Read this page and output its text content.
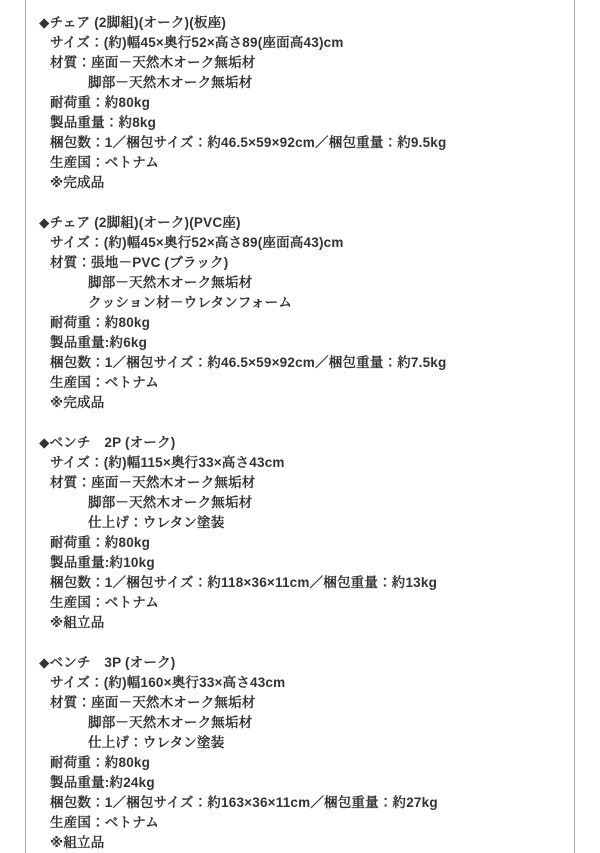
◆チェア (2脚組)(オーク)(板座)
サイズ：(約)幅45×奥行52×高さ89(座面高43)cm
材質：座面－天然木オーク無垢材
脚部－天然木オーク無垢材
耐荷重：約80kg
製品重量：約8kg
梱包数：1／梱包サイズ：約46.5×59×92cm／梱包重量：約9.5kg
生産国：ベトナム
※完成品
◆チェア (2脚組)(オーク)(PVC座)
サイズ：(約)幅45×奥行52×高さ89(座面高43)cm
材質：張地－PVC (ブラック)
脚部－天然木オーク無垢材
クッション材－ウレタンフォーム
耐荷重：約80kg
製品重量:約6kg
梱包数：1／梱包サイズ：約46.5×59×92cm／梱包重量：約7.5kg
生産国：ベトナム
※完成品
◆ベンチ　2P (オーク)
サイズ：(約)幅115×奥行33×高さ43cm
材質：座面－天然木オーク無垢材
脚部－天然木オーク無垢材
仕上げ：ウレタン塗装
耐荷重：約80kg
製品重量:約10kg
梱包数：1／梱包サイズ：約118×36×11cm／梱包重量：約13kg
生産国：ベトナム
※組立品
◆ベンチ　3P (オーク)
サイズ：(約)幅160×奥行33×高さ43cm
材質：座面－天然木オーク無垢材
脚部－天然木オーク無垢材
仕上げ：ウレタン塗装
耐荷重：約80kg
製品重量:約24kg
梱包数：1／梱包サイズ：約163×36×11cm／梱包重量：約27kg
生産国：ベトナム
※組立品
